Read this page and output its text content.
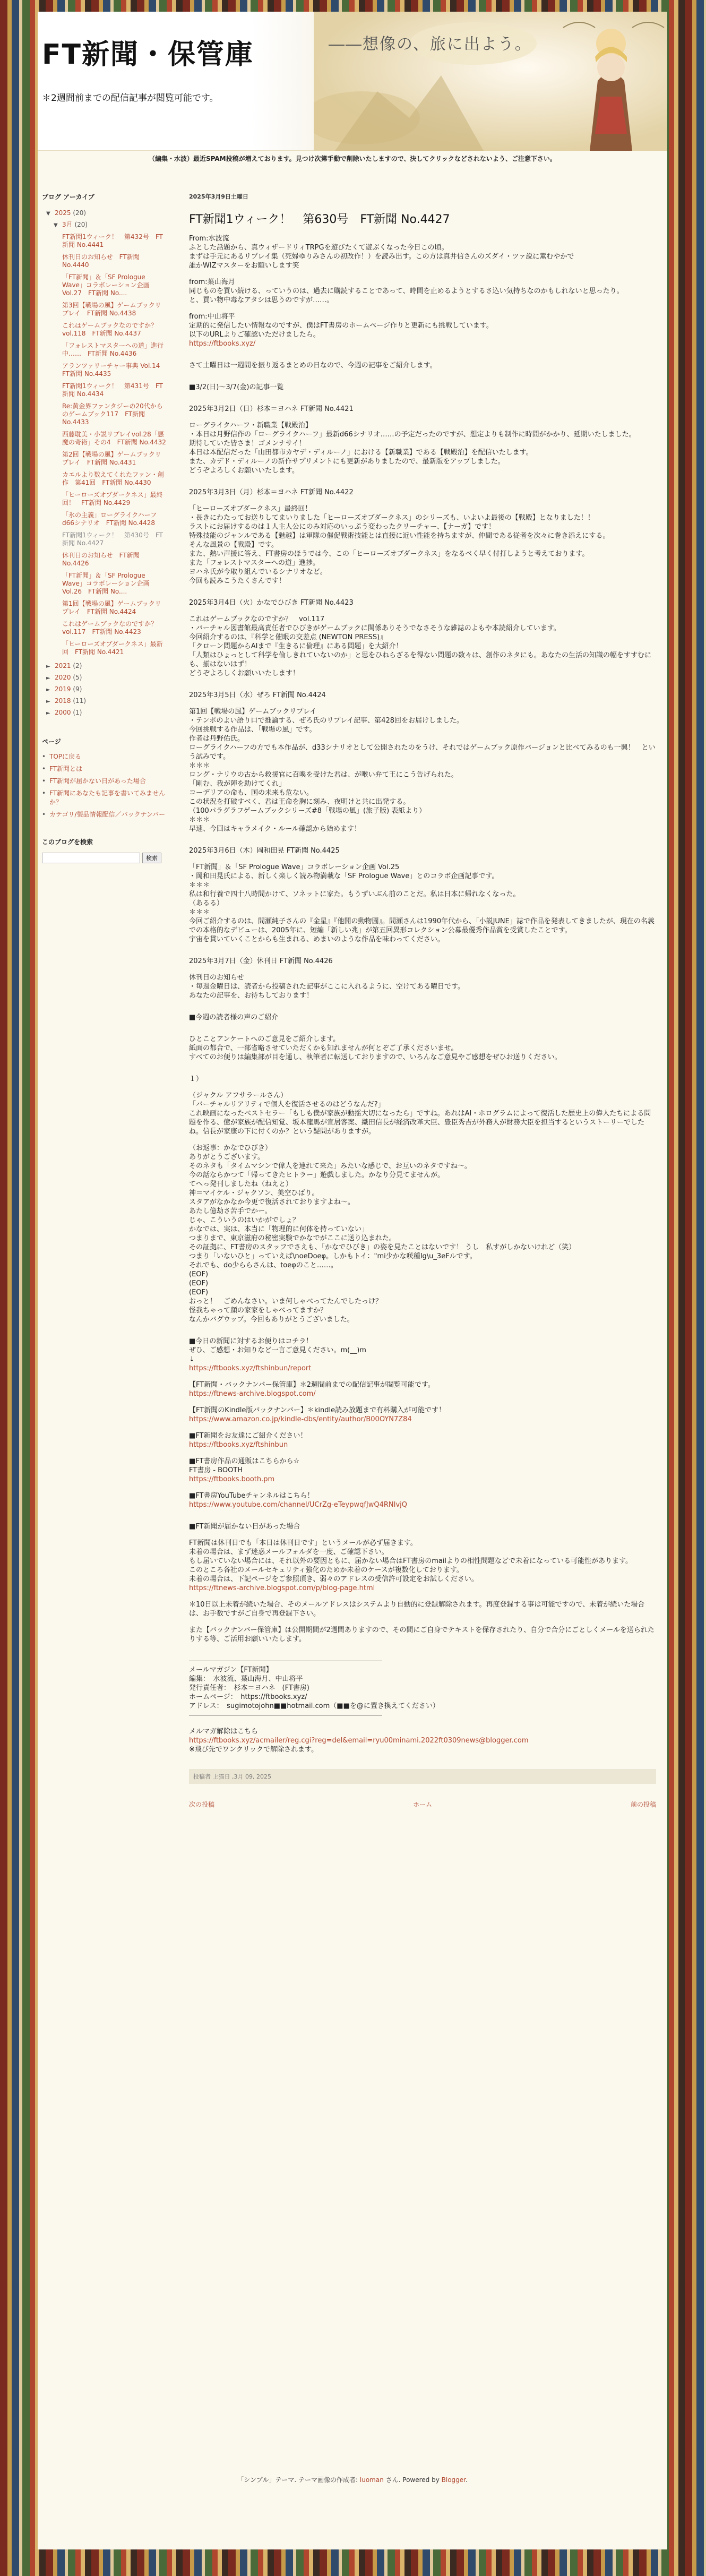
FT新聞・保管庫
＊2週間前までの配信記事が閲覧可能です。
――想像の、旅に出よう。
（編集・水波）最近SPAM投稿が増えております。見つけ次第手動で削除いたしますので、決してクリックなどされないよう、ご注意下さい。
ブログ アーカイブ
▼ 2025 (20)
▼ 3月 (20)
FT新聞1ウィーク！　第432号　FT新聞 No.4441
休刊日のお知らせ　FT新聞 No.4440
「FT新聞」＆「SF Prologue Wave」コラボレーション企画 Vol.27　FT新聞 No....
第3回【戦場の風】ゲームブックリプレイ　FT新聞 No.4438
これはゲームブックなのですか？ vol.118　FT新聞 No.4437
「フォレストマスターへの道」進行中……　FT新聞 No.4436
アランツァリーチャー事典 Vol.14　FT新聞 No.4435
FT新聞1ウィーク！　第431号　FT新聞 No.4434
Re:黄金界ファンタジーの20代からのゲームブック117　FT新聞 No.4433
西藤耽美・小説リプレイvol.28「悪魔の奇術」その4　FT新聞 No.4432
第2回【戦場の風】ゲームブックリプレイ　FT新聞 No.4431
カエルより数えてくれたファン・創作　第41回　FT新聞 No.4430
「ヒーローズオブダークネス」最終回！　FT新聞 No.4429
「氷の主義」ローグライクハーフd66シナリオ　FT新聞 No.4428
FT新聞1ウィーク！　第430号　FT新聞 No.4427
休刊日のお知らせ　FT新聞 No.4426
「FT新聞」＆「SF Prologue Wave」コラボレーション企画 Vol.26　FT新聞 No....
第1回【戦場の風】ゲームブックリプレイ　FT新聞 No.4424
これはゲームブックなのですか？ vol.117　FT新聞 No.4423
「ヒーローズオブダークネス」最新回　FT新聞 No.4421
► 2021 (2)
► 2020 (5)
► 2019 (9)
► 2018 (11)
► 2000 (1)
ページ
• TOPに戻る
• FT新聞とは
• FT新聞が届かない日があった場合
• FT新聞にあなたも記事を書いてみませんか？
• カテゴリ/製品情報配信／バックナンバー
このブログを検索
検索
2025年3月9日土曜日
FT新聞1ウィーク！　第630号　FT新聞 No.4427
From:水波流
ふとした話題から、真ウィザードリィTRPGを遊びたくて遊ぶくなった今日この頃。
まずは手元にあるリプレイ集（死婦ゆりみさんの初改作！）を読み出す。この方は真井信さんのズダイ・ツァ説に薫むやかで
誰かWIZマスターをお願いします笑
from:葉山海月
同じものを買い続ける、っていうのは、過去に購読することであって、時間を止めるようとするさ込い気持ちなのかもしれないと思ったり。
と、買い物中毒なアタシは思うのですが……。
from:中山将平
定期的に発信したい情報なのですが、僕はFT書房のホームページ作りと更新にも挑戦しています。
以下のURLよりご確認いただけましたら。
https://ftbooks.xyz/
さて土曜日は一週間を振り返るまとめの日なので、今週の記事をご紹介します。
■3/2(日)～3/7(金)の記事一覧
2025年3月2日（日）杉本＝ヨハネ FT新聞 No.4421
ローグライクハーフ・新職業【戦殿治】
・本日は月野信作の「ローグライクハーフ」最新d66シナリオ……の予定だったのですが、想定よりも制作に時間がかかり、延期いたしました。
期待していた皆さま！ゴメンナサイ！
本日は本配信だった「山田都市カヤデ・ディルーノ」における【新職業】である【戦殿治】を配信いたします。
また、カデド・ディルーノの新作サプリメントにも更新がありましたので、最新版をアップしました。
どうぞよろしくお願いいたします。
2025年3月3日（月）杉本＝ヨハネ FT新聞 No.4422
「ヒーローズオブダークネス」最終回！
・長きにわたってお送りしてまいりました「ヒーローズオブダークネス」のシリーズも、いよいよ最後の【戦殿】となりました！！
ラストにお届けするのは１人主人公にのみ対応のいっぷう変わったクリーチャー、【ナーガ】です！
特殊技能のジャンルである【魅越】は軍隊の催促戦術技能とは直接に近い性能を持ちますが、仲間である従者を次々に巻き添えにする。
そんな風景の【戦殿】です。
また、熱い声援に答え、FT書房のほうでは今、この「ヒーローズオブダークネス」をなるべく早く付打しようと考えております。
また「フォレストマスターへの道」進捗。
ヨハネ氏が今取り組んでいるシナリオなど。
今回も読みこうたくさんです！
2025年3月4日（火）かなでひびき FT新聞 No.4423
これはゲームブックなのですか？　vol.117
・バーチャル図書館最高責任者でひびきがゲームブックに関係ありそうでなさそうな雑誌のよもや本読紹介しています。
今回紹介するのは、『科学と催眠の交差点 (NEWTON PRESS)』
「クローン問題からAIまで『生きるに倫理』にある問題」を大紹介！
「人類はひょっとして科学を倫しきれていないのか」と思をひねらざるを得ない問題の数々は、創作のネタにも。あなたの生活の知識の幅をすすむにも、揃はないはず！
どうぞよろしくお願いいたします！
2025年3月5日（水）ぜろ FT新聞 No.4424
第1回【戦場の風】ゲームブックリプレイ
・テンポのよい語り口で推論する、ぜろ氏のリプレイ記事、第428回をお届けしました。
今回挑戦する作品は、「戦場の風」です。
作者は丹野佑氏。
ローグライクハーフの方でも本作品が、d33シナリオとして公開されたのをうけ、それではゲームブック原作バージョンと比べてみるのも一興！　という試みです。
＊＊＊
ロング・ナリウの古から救援官に召喚を受けた君は、が喉い弁て王にこう告げられた。
「剛む、我が陣を助けてくれ」
コーデリアの命も、国の未来も危ない。
この状況を打破すべく、君は王命を胸に刻み、夜明けと共に出発する。
（100パラグラフゲームブックシリーズ#8「戦場の風」(旅子版) 表紙より）
＊＊＊
早速、今回はキャラメイク・ルール確認から始めます！
2025年3月6日（木）岡和田晃 FT新聞 No.4425
「FT新聞」＆「SF Prologue Wave」コラボレーション企画 Vol.25
・岡和田晃氏による、新しく楽しく読み物満載な「SF Prologue Wave」とのコラボ企画記事です。
＊＊＊
私は和行養で四十八時間かけて、ソネットに家た。もうずいぶん前のことだ。私は日本に帰れなくなった。
（あるる）
＊＊＊
今回ご紹介するのは、間瀬純子さんの『金星』『他開の動物園』。間瀬さんは1990年代から、「小説JUNE」誌で作品を発表してきましたが、現在の名義での本格的なデビューは、2005年に、短編「新しい兆」が第五回異形コレクション公募最優秀作品賞を受賞したことです。
宇宙を貫いていくことからも生まれる、めまいのような作品を味わってください。
2025年3月7日（金）休刊日 FT新聞 No.4426
休刊日のお知らせ
・毎週金曜日は、読者から投稿された記事がここに入れるように、空けてある曜日です。
あなたの記事を、お待ちしております！
■今週の読者様の声のご紹介
ひとことアンケートへのご意見をご紹介します。
紙面の都合で、一部省略させていただくかも知れませんが何とぞご了承くださいませ。
すべてのお便りは編集部が目を通し、執筆者に転送しておりますので、いろんなご意見やご感想をぜひお送りください。
１）
（ジャクル アフサラールさん）
「バーチャルリアリティで個人を復活させるのはどうなんだ?」
これ映画になったベストセラー「もしも僕が家族が動揺大切になったら」ですね。あれはAI・ホログラムによって復活した歴史上の偉人たちによる問題を作る、億が家族が配信知覚、坂本龍馬が宣居客案、織田信長が経済改革大臣、豊臣秀吉が外務人が財務大臣を担当するというストーリーでしたね。信長が家康の下に付くのか？という疑問がありますが。
（お返事：かなでひびき）
ありがとうございます。
そのネタも「タイムマシンで偉人を連れて来た」みたいな感じで、お互いのネタですね～。
今の話ならかつて「帰ってきたヒトラー」遊戯しました。かなり分見てませんが。
てへっ発刊しましたね（ねえと）
神＝マイケル・ジャクソン、美空ひばり。
スタアがなかなか今更で復活されておりますよね～。
あたし億劫さ苦手でかー。
じゃ、こういうのはいかがでしょ？
かなでは、実は、本当に「物理的に何体を持っていない」
つまりまで、東京滋府の秘密実験でかなでがここに送り込まれた。
その証拠に、FT書房のスタッフでさえも、「かなでひびき」の姿を見たことはないです！ うし　私すがしかないけれど（笑）
つまり「いないひと」っていえば\noeDoeφ。しかもトイ："mi少かな咲種Ig\u_3eFルです。
それでも、do少ららさんは、toeφのこと……。
(EOF)
(EOF)
(EOF)
おっと！　ごめんなさい。いま何しゃべってたんでしたっけ？
怪我ちゃって顔の家家をしゃべってますか？
なんかバグウップ。今回もありがとうございました。
■今日の新聞に対するお便りはコチラ！
ぜひ、ご感想・お知りなど一言ご意見ください。m(__)m
↓
https://ftbooks.xyz/ftshinbun/report
【FT新聞・バックナンバー保管庫】＊2週間前までの配信記事が閲覧可能です。
https://ftnews-archive.blogspot.com/
【FT新聞のKindle版バックナンバー】＊kindle読み放題まで有料購入が可能です！
https://www.amazon.co.jp/kindle-dbs/entity/author/B00OYN7Z84
■FT新聞をお友達にご紹介ください！
https://ftbooks.xyz/ftshinbun
■FT書房作品の通販はこちらから☆
FT書房 - BOOTH
https://ftbooks.booth.pm
■FT書房YouTubeチャンネルはこちら！
https://www.youtube.com/channel/UCrZg-eTeypwqfJwQ4RNIvjQ
■FT新聞が届かない日があった場合
FT新聞は休刊日でも「本日は休刊日です」というメールが必ず届きます。
未着の場合は、まず迷惑メールフォルダを一度、ご確認下さい。
もし届いていない場合には、それ以外の要因ともに、届かない場合はFT書房のmailよりの相性問題などで未着になっている可能性があります。
このところ各社のメールセキュリティ強化のためか未着のケースが複数化しております。
未着の場合は、下記ページをご参照頂き、弱々のアドレスの受信許可設定をお試しください。
https://ftnews-archive.blogspot.com/p/blog-page.html
＊10日以上未着が続いた場合、そのメールアドレスはシステムより自動的に登録解除されます。再度登録する事は可能ですので、未着が続いた場合は、お手数ですがご自身で再登録下さい。
また【バックナンバー保管庫】は公開期間が2週間ありますので、その間にご自身でテキストを保存されたり、自分で合分にごとしくメールを送られたりする等、ご活用お願いいたします。
――――――――――――――――――――――――――――
メールマガジン【FT新聞】
編集：　水波流、葉山海月、中山将平
発行責任者：　杉本＝ヨハネ　(FT書房)
ホームページ：　https://ftbooks.xyz/
アドレス：　sugimotojohn■■hotmail.com（■■を@に置き換えてください）
――――――――――――――――――――――――――――
メルマガ解除はこちら
https://ftbooks.xyz/acmailer/reg.cgi?reg=del&email=ryu00minami.2022ft0309news@blogger.com
※飛び先でワンクリックで解除されます。
投稿者 上猫日 ,3月 09, 2025
次の投稿	ホーム	前の投稿
「シンプル」テーマ. テーマ画像の作成者: luoman さん. Powered by Blogger.
